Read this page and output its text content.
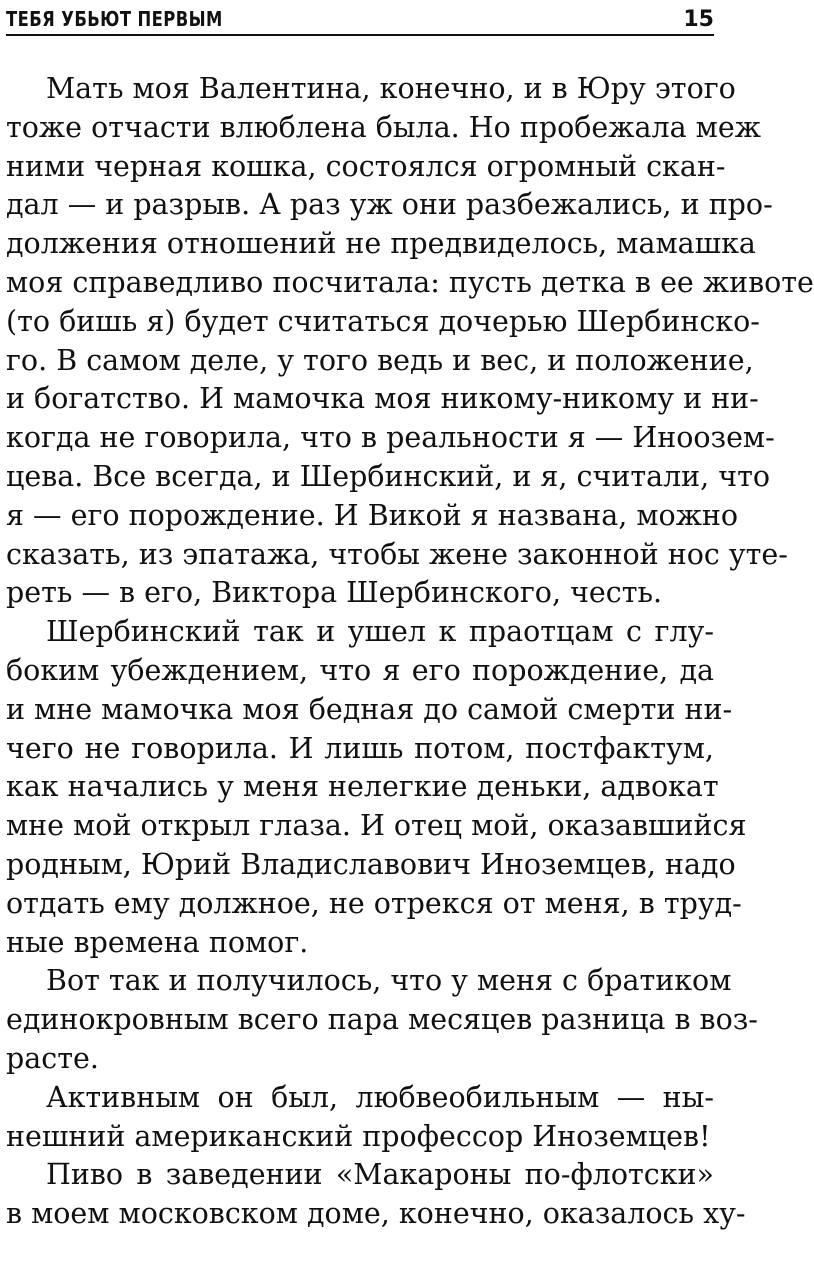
ТЕБЯ УБЬЮТ ПЕРВЫМ	15
Мать моя Валентина, конечно, и в Юру этого
тоже отчасти влюблена была. Но пробежала меж
ними черная кошка, состоялся огромный скан-
дал — и разрыв. А раз уж они разбежались, и про-
должения отношений не предвиделось, мамашка
моя справедливо посчитала: пусть детка в ее животе
(то бишь я) будет считаться дочерью Шербинско-
го. В самом деле, у того ведь и вес, и положение,
и богатство. И мамочка моя никому-никому и ни-
когда не говорила, что в реальности я — Иноозем-
цева. Все всегда, и Шербинский, и я, считали, что
я — его порождение. И Викой я названа, можно
сказать, из эпатажа, чтобы жене законной нос уте-
реть — в его, Виктора Шербинского, честь.
Шербинский так и ушел к праотцам с глу-
боким убеждением, что я его порождение, да
и мне мамочка моя бедная до самой смерти ни-
чего не говорила. И лишь потом, постфактум,
как начались у меня нелегкие деньки, адвокат
мне мой открыл глаза. И отец мой, оказавшийся
родным, Юрий Владиславович Иноземцев, надо
отдать ему должное, не отрекся от меня, в труд-
ные времена помог.
Вот так и получилось, что у меня с братиком
единокровным всего пара месяцев разница в воз-
расте.
Активным он был, любвеобильным — ны-
нешний американский профессор Иноземцев!
Пиво в заведении «Макароны по-флотски»
в моем московском доме, конечно, оказалось ху-
